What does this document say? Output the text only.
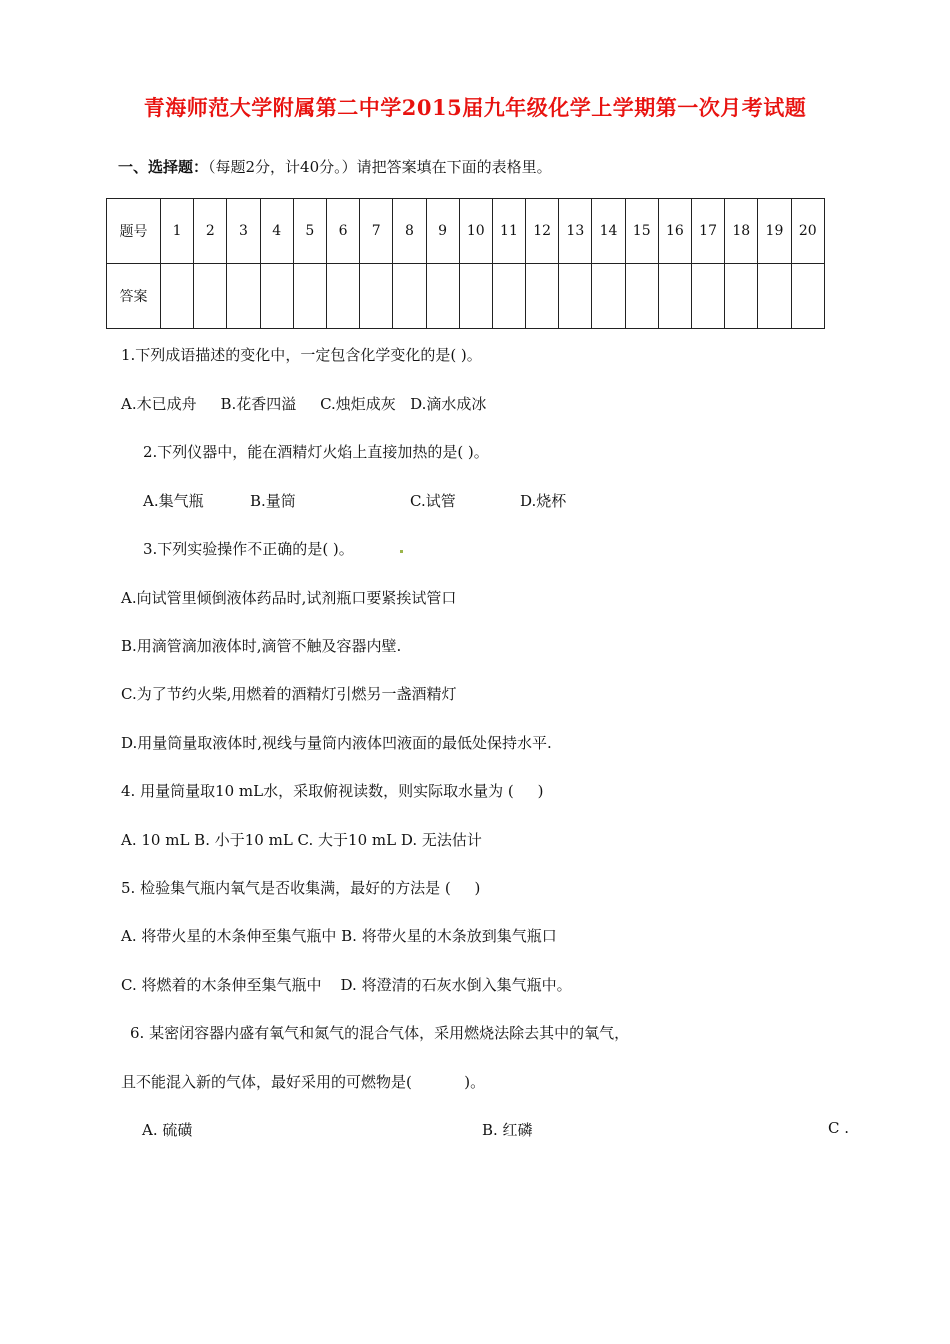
青海师范大学附属第二中学2015届九年级化学上学期第一次月考试题
一、选择题：（每题2分，计40分。）请把答案填在下面的表格里。
题号	1	2	3	4	5	6	7	8	9	10	11	12	13	14	15	16	17	18	19	20
答案																				
1.下列成语描述的变化中，一定包含化学变化的是( )。
A.木已成舟     B.花香四溢     C.烛炬成灰   D.滴水成冰
2.下列仪器中，能在酒精灯火焰上直接加热的是( )。
A.集气瓶	B.量筒	C.试管	D.烧杯
3.下列实验操作不正确的是( )。
A.向试管里倾倒液体药品时,试剂瓶口要紧挨试管口
B.用滴管滴加液体时,滴管不触及容器内壁.
C.为了节约火柴,用燃着的酒精灯引燃另一盏酒精灯
D.用量筒量取液体时,视线与量筒内液体凹液面的最低处保持水平.
4. 用量筒量取10 mL水，采取俯视读数，则实际取水量为 (     )
A. 10 mL B. 小于10 mL C. 大于10 mL D. 无法估计
5. 检验集气瓶内氧气是否收集满，最好的方法是 (     )
A. 将带火星的木条伸至集气瓶中 B. 将带火星的木条放到集气瓶口
C. 将燃着的木条伸至集气瓶中    D. 将澄清的石灰水倒入集气瓶中。
6. 某密闭容器内盛有氧气和氮气的混合气体，采用燃烧法除去其中的氧气，
且不能混入新的气体，最好采用的可燃物是(           )。
A. 硫磺	B. 红磷	C .
